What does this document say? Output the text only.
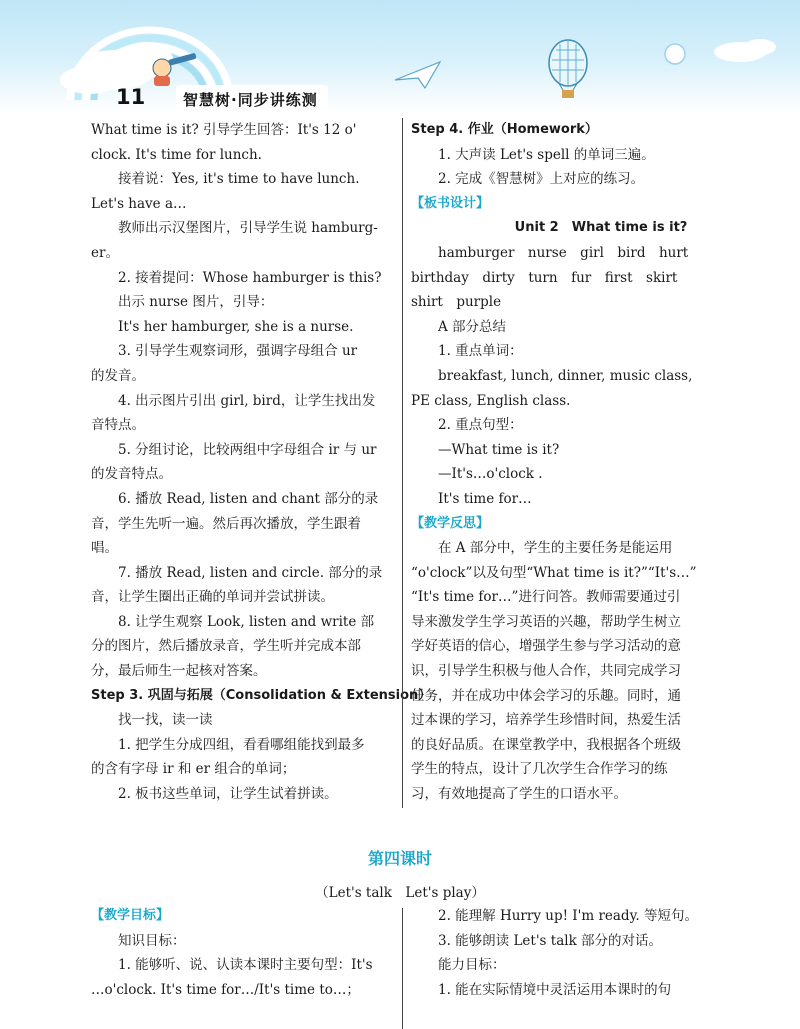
11	智慧树·同步讲练测

What time is it? 引导学生回答：It's 12 o'

clock. It's time for lunch.

接着说：Yes, it's time to have lunch.

Let's have a…

教师出示汉堡图片，引导学生说 hamburg-

er。

2. 接着提问：Whose hamburger is this?

出示 nurse 图片，引导：

It's her hamburger, she is a nurse.

3. 引导学生观察词形，强调字母组合 ur

的发音。

4. 出示图片引出 girl, bird，让学生找出发

音特点。

5. 分组讨论，比较两组中字母组合 ir 与 ur

的发音特点。

6. 播放 Read, listen and chant 部分的录

音，学生先听一遍。然后再次播放，学生跟着

唱。

7. 播放 Read, listen and circle. 部分的录

音，让学生圈出正确的单词并尝试拼读。

8. 让学生观察 Look, listen and write 部

分的图片，然后播放录音，学生听并完成本部

分，最后师生一起核对答案。

Step 3. 巩固与拓展（Consolidation & Extension）

找一找，读一读

1. 把学生分成四组，看看哪组能找到最多

的含有字母 ir 和 er 组合的单词；

2. 板书这些单词，让学生试着拼读。

Step 4. 作业（Homework）

1. 大声读 Let's spell 的单词三遍。

2. 完成《智慧树》上对应的练习。

【板书设计】

Unit 2　What time is it?

hamburger　nurse　girl　bird　hurt

birthday　dirty　turn　fur　first　skirt

shirt　purple

A 部分总结

1. 重点单词：

breakfast, lunch, dinner, music class,

PE class, English class.

2. 重点句型：

—What time is it?

—It's…o'clock .

It's time for…

【教学反思】

在 A 部分中，学生的主要任务是能运用

“o'clock”以及句型“What time is it?”“It's…”

“It's time for…”进行问答。教师需要通过引

导来激发学生学习英语的兴趣，帮助学生树立

学好英语的信心，增强学生参与学习活动的意

识，引导学生积极与他人合作，共同完成学习

任务，并在成功中体会学习的乐趣。同时，通

过本课的学习，培养学生珍惜时间，热爱生活

的良好品质。在课堂教学中，我根据各个班级

学生的特点，设计了几次学生合作学习的练

习，有效地提高了学生的口语水平。

第四课时
（Let's talk　Let's play）

【教学目标】

知识目标：

1. 能够听、说、认读本课时主要句型：It's

…o'clock. It's time for…/It's time to…；

2. 能理解 Hurry up! I'm ready. 等短句。

3. 能够朗读 Let's talk 部分的对话。

能力目标：

1. 能在实际情境中灵活运用本课时的句
